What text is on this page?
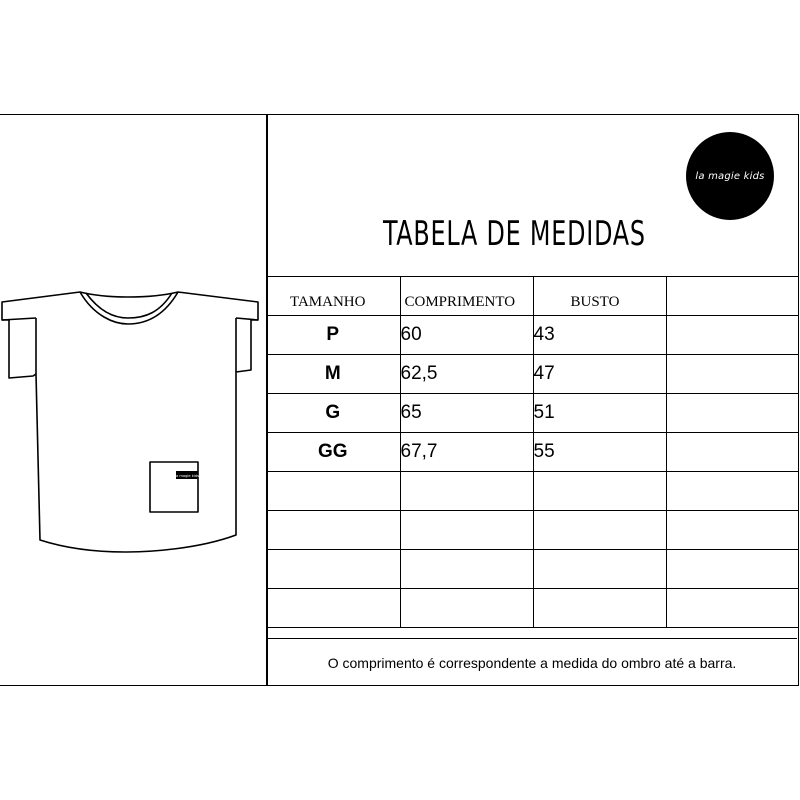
la magie kids
la magie kids
TABELA DE MEDIDAS
TAMANHO	COMPRIMENTO	BUSTO	
P	60	43	
M	62,5	47	
G	65	51	
GG	67,7	55	

O comprimento é correspondente a medida do ombro até a barra.
